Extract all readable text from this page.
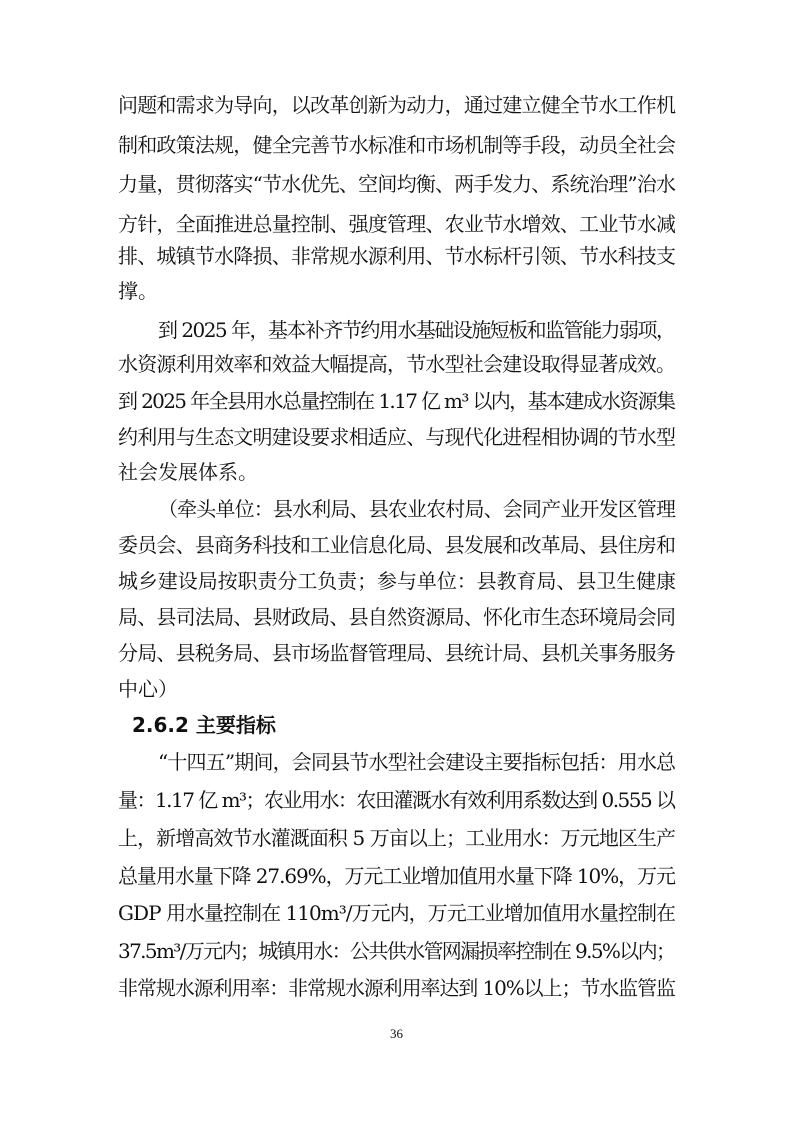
问题和需求为导向，以改革创新为动力，通过建立健全节水工作机
制和政策法规，健全完善节水标准和市场机制等手段，动员全社会
力量，贯彻落实“节水优先、空间均衡、两手发力、系统治理”治水
方针，全面推进总量控制、强度管理、农业节水增效、工业节水减
排、城镇节水降损、非常规水源利用、节水标杆引领、节水科技支
撑。
到 2025 年，基本补齐节约用水基础设施短板和监管能力弱项，
水资源利用效率和效益大幅提高，节水型社会建设取得显著成效。
到 2025 年全县用水总量控制在 1.17 亿 m³ 以内，基本建成水资源集
约利用与生态文明建设要求相适应、与现代化进程相协调的节水型
社会发展体系。
（牵头单位：县水利局、县农业农村局、会同产业开发区管理
委员会、县商务科技和工业信息化局、县发展和改革局、县住房和
城乡建设局按职责分工负责；参与单位：县教育局、县卫生健康
局、县司法局、县财政局、县自然资源局、怀化市生态环境局会同
分局、县税务局、县市场监督管理局、县统计局、县机关事务服务
中心）
2.6.2 主要指标
“十四五”期间，会同县节水型社会建设主要指标包括：用水总
量：1.17 亿 m³；农业用水：农田灌溉水有效利用系数达到 0.555 以
上，新增高效节水灌溉面积 5 万亩以上；工业用水：万元地区生产
总量用水量下降 27.69%，万元工业增加值用水量下降 10%，万元
GDP 用水量控制在 110m³/万元内，万元工业增加值用水量控制在
37.5m³/万元内；城镇用水：公共供水管网漏损率控制在 9.5%以内；
非常规水源利用率：非常规水源利用率达到 10%以上；节水监管监
36
